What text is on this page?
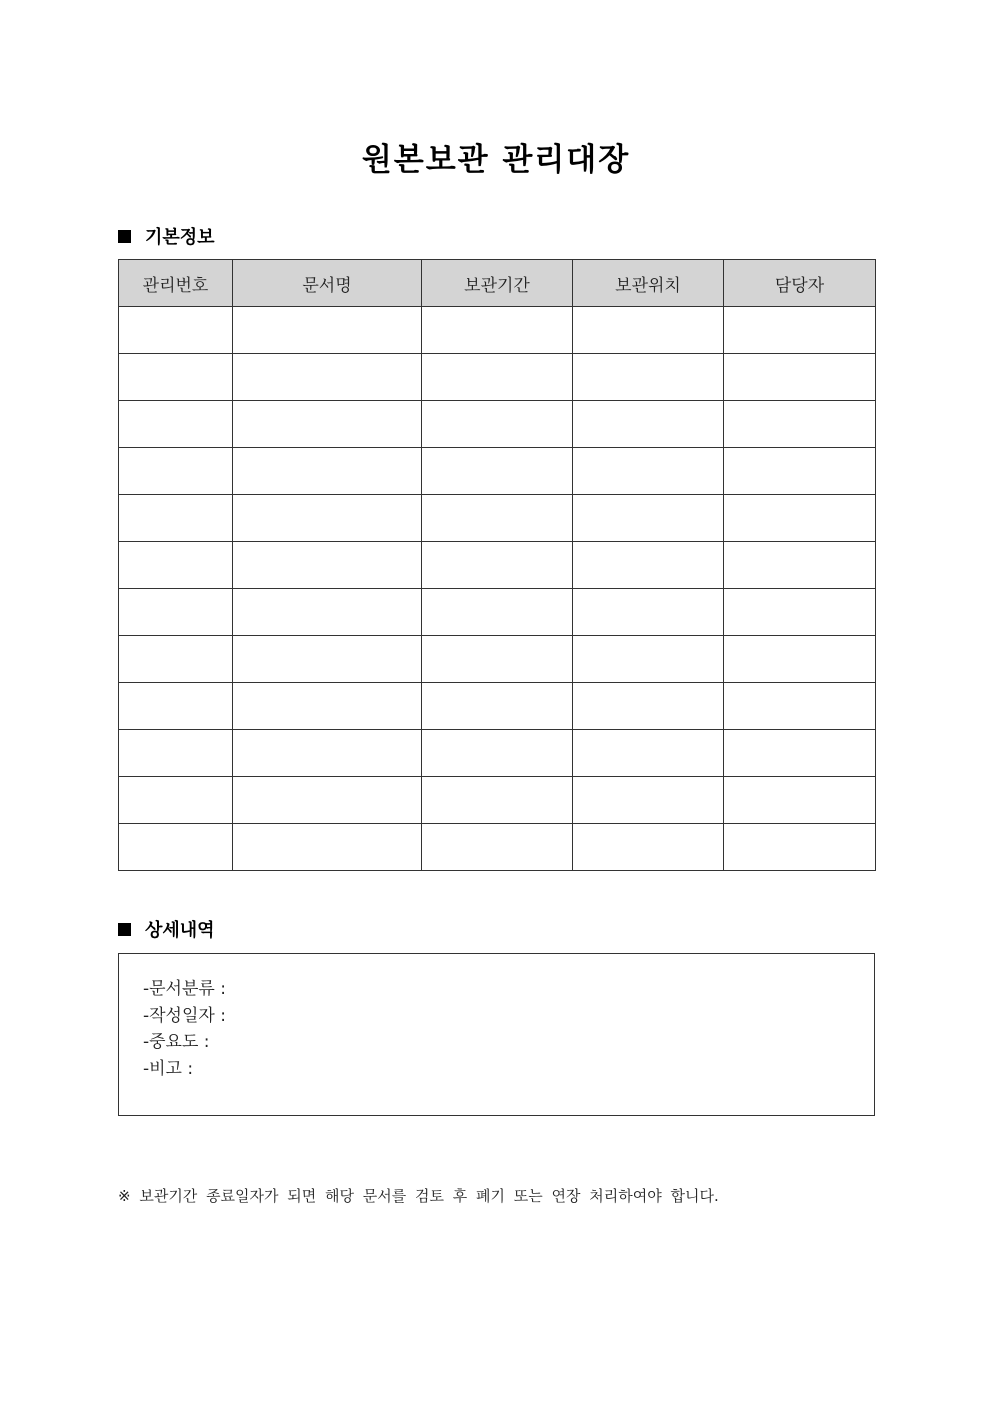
원본보관 관리대장
기본정보
관리번호	문서명	보관기간	보관위치	담당자

상세내역
-문서분류 :
-작성일자 :
-중요도 :
-비고 :
※ 보관기간 종료일자가 되면 해당 문서를 검토 후 폐기 또는 연장 처리하여야 합니다.
